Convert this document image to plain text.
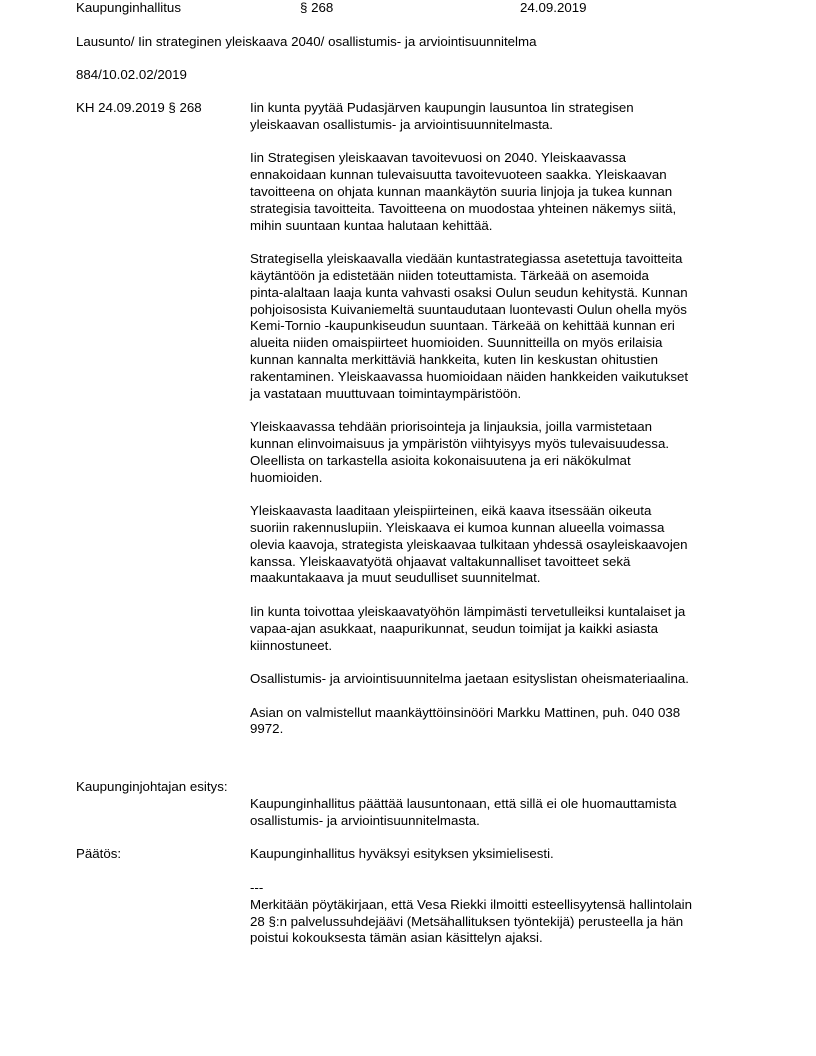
Kaupunginhallitus	§ 268	24.09.2019
Lausunto/ Iin strateginen yleiskaava 2040/ osallistumis- ja arviointisuunnitelma
884/10.02.02/2019
KH 24.09.2019 § 268	Iin kunta pyytää Pudasjärven kaupungin lausuntoa Iin strategisen
yleiskaavan osallistumis- ja arviointisuunnitelmasta.
Iin Strategisen yleiskaavan tavoitevuosi on 2040. Yleiskaavassa
ennakoidaan kunnan tulevaisuutta tavoitevuoteen saakka. Yleiskaavan
tavoitteena on ohjata kunnan maankäytön suuria linjoja ja tukea kunnan
strategisia tavoitteita. Tavoitteena on muodostaa yhteinen näkemys siitä,
mihin suuntaan kuntaa halutaan kehittää.
Strategisella yleiskaavalla viedään kuntastrategiassa asetettuja tavoitteita
käytäntöön ja edistetään niiden toteuttamista. Tärkeää on asemoida
pinta-alaltaan laaja kunta vahvasti osaksi Oulun seudun kehitystä. Kunnan
pohjoisosista Kuivaniemeltä suuntaudutaan luontevasti Oulun ohella myös
Kemi-Tornio -kaupunkiseudun suuntaan. Tärkeää on kehittää kunnan eri
alueita niiden omaispiirteet huomioiden. Suunnitteilla on myös erilaisia
kunnan kannalta merkittäviä hankkeita, kuten Iin keskustan ohitustien
rakentaminen. Yleiskaavassa huomioidaan näiden hankkeiden vaikutukset
ja vastataan muuttuvaan toimintaympäristöön.
Yleiskaavassa tehdään priorisointeja ja linjauksia, joilla varmistetaan
kunnan elinvoimaisuus ja ympäristön viihtyisyys myös tulevaisuudessa.
Oleellista on tarkastella asioita kokonaisuutena ja eri näkökulmat
huomioiden.
Yleiskaavasta laaditaan yleispiirteinen, eikä kaava itsessään oikeuta
suoriin rakennuslupiin. Yleiskaava ei kumoa kunnan alueella voimassa
olevia kaavoja, strategista yleiskaavaa tulkitaan yhdessä osayleiskaavojen
kanssa. Yleiskaavatyötä ohjaavat valtakunnalliset tavoitteet sekä
maakuntakaava ja muut seudulliset suunnitelmat.
Iin kunta toivottaa yleiskaavatyöhön lämpimästi tervetulleiksi kuntalaiset ja
vapaa-ajan asukkaat, naapurikunnat, seudun toimijat ja kaikki asiasta
kiinnostuneet.
Osallistumis- ja arviointisuunnitelma jaetaan esityslistan oheismateriaalina.
Asian on valmistellut maankäyttöinsinööri Markku Mattinen, puh. 040 038
9972.
Kaupunginjohtajan esitys:
Kaupunginhallitus päättää lausuntonaan, että sillä ei ole huomauttamista
osallistumis- ja arviointisuunnitelmasta.
Päätös:	Kaupunginhallitus hyväksyi esityksen yksimielisesti.
---
Merkitään pöytäkirjaan, että Vesa Riekki ilmoitti esteellisyytensä hallintolain
28 §:n palvelussuhdejäävi (Metsähallituksen työntekijä) perusteella ja hän
poistui kokouksesta tämän asian käsittelyn ajaksi.
